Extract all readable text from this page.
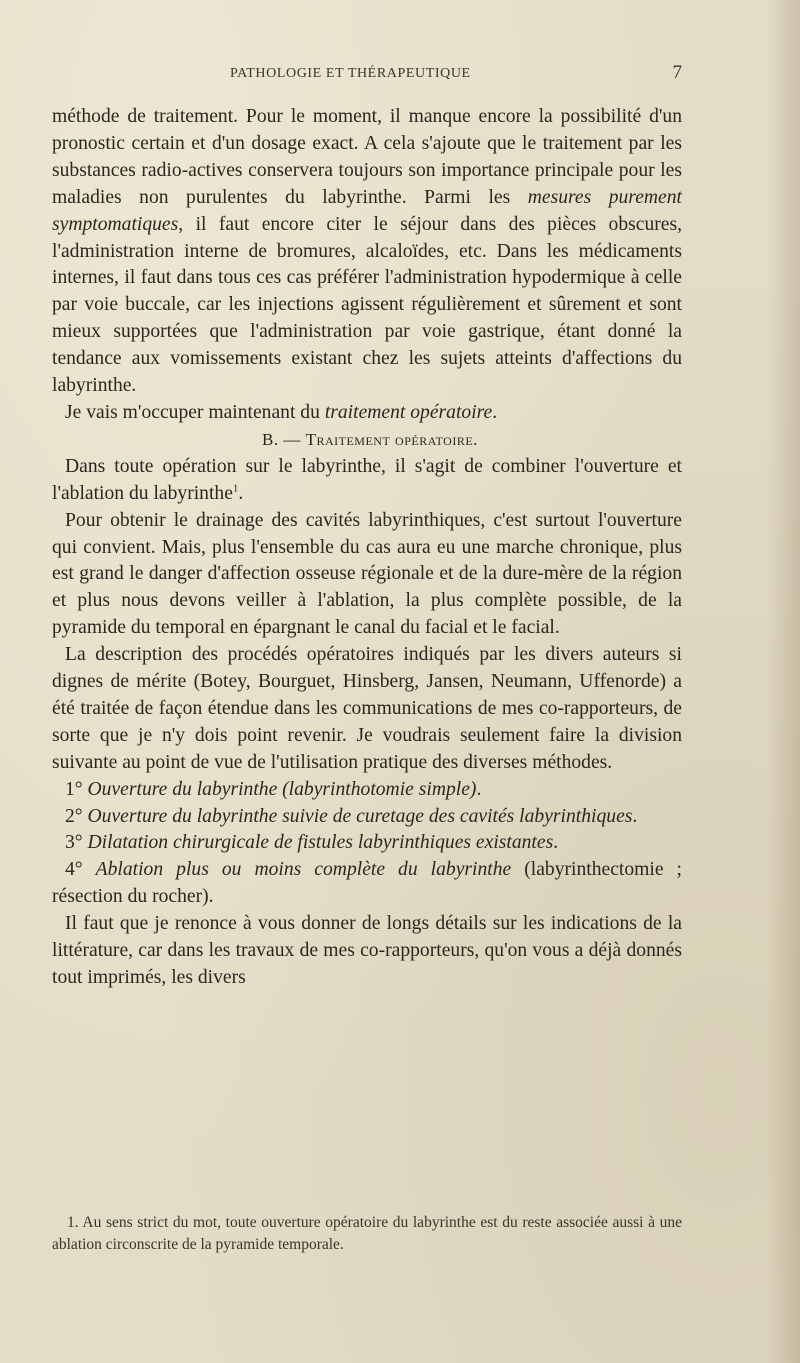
PATHOLOGIE ET THÉRAPEUTIQUE	7

méthode de traitement. Pour le moment, il manque encore la possibilité d'un pronostic certain et d'un dosage exact. A cela s'ajoute que le traitement par les substances radio-actives conservera toujours son importance principale pour les maladies non purulentes du labyrinthe. Parmi les mesures purement symptomatiques, il faut encore citer le séjour dans des pièces obscures, l'administration interne de bromures, alcaloïdes, etc. Dans les médicaments internes, il faut dans tous ces cas préférer l'administration hypodermique à celle par voie buccale, car les injections agissent régulièrement et sûrement et sont mieux supportées que l'administration par voie gastrique, étant donné la tendance aux vomissements existant chez les sujets atteints d'affections du labyrinthe.

Je vais m'occuper maintenant du traitement opératoire.

B. — Traitement opératoire.

Dans toute opération sur le labyrinthe, il s'agit de combiner l'ouverture et l'ablation du labyrinthe$^1$.

Pour obtenir le drainage des cavités labyrinthiques, c'est surtout l'ouverture qui convient. Mais, plus l'ensemble du cas aura eu une marche chronique, plus est grand le danger d'affection osseuse régionale et de la dure-mère de la région et plus nous devons veiller à l'ablation, la plus complète possible, de la pyramide du temporal en épargnant le canal du facial et le facial.

La description des procédés opératoires indiqués par les divers auteurs si dignes de mérite (Botey, Bourguet, Hinsberg, Jansen, Neumann, Uffenorde) a été traitée de façon étendue dans les communications de mes co-rapporteurs, de sorte que je n'y dois point revenir. Je voudrais seulement faire la division suivante au point de vue de l'utilisation pratique des diverses méthodes.

1° Ouverture du labyrinthe (labyrinthotomie simple).

2° Ouverture du labyrinthe suivie de curetage des cavités labyrinthiques.

3° Dilatation chirurgicale de fistules labyrinthiques existantes.

4° Ablation plus ou moins complète du labyrinthe (labyrinthectomie ; résection du rocher).

Il faut que je renonce à vous donner de longs détails sur les indications de la littérature, car dans les travaux de mes co-rapporteurs, qu'on vous a déjà donnés tout imprimés, les divers

1. Au sens strict du mot, toute ouverture opératoire du labyrinthe est du reste associée aussi à une ablation circonscrite de la pyramide temporale.
